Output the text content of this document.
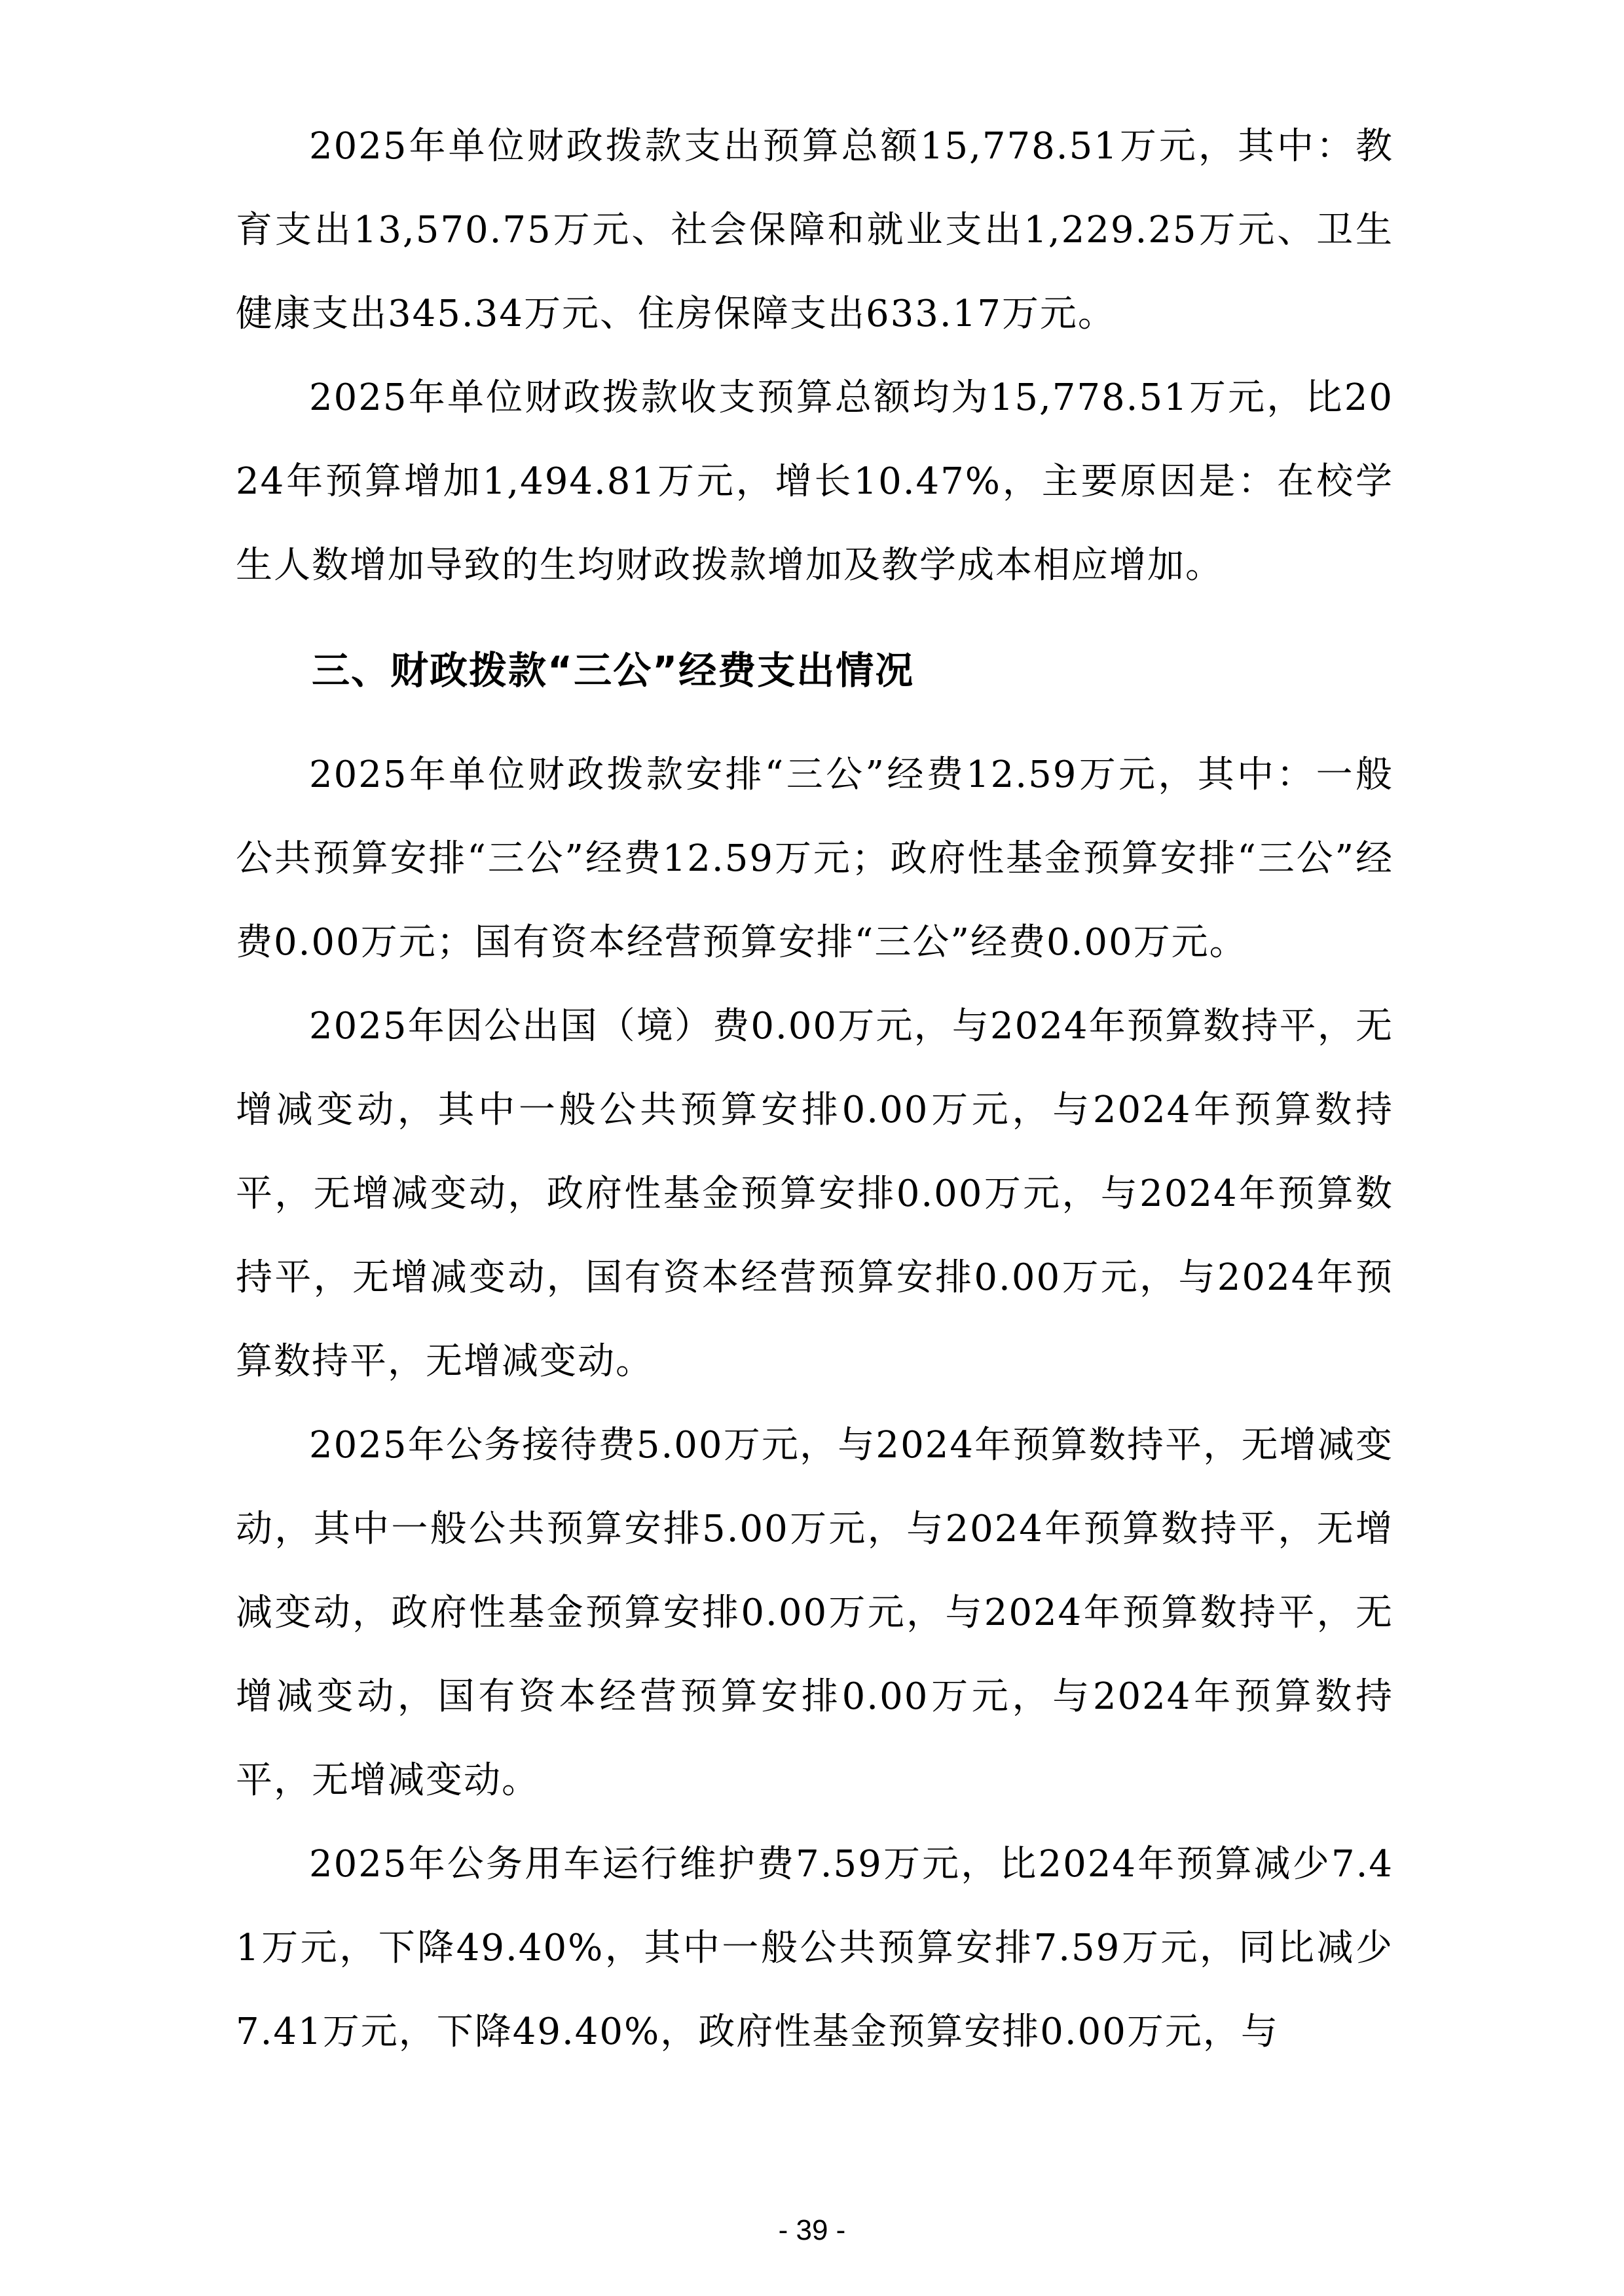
2025年单位财政拨款支出预算总额15,778.51万元，其中：教育支出13,570.75万元、社会保障和就业支出1,229.25万元、卫生健康支出345.34万元、住房保障支出633.17万元。

2025年单位财政拨款收支预算总额均为15,778.51万元，比2024年预算增加1,494.81万元，增长10.47%，主要原因是：在校学生人数增加导致的生均财政拨款增加及教学成本相应增加。

三、财政拨款“三公”经费支出情况

2025年单位财政拨款安排“三公”经费12.59万元，其中：一般公共预算安排“三公”经费12.59万元；政府性基金预算安排“三公”经费0.00万元；国有资本经营预算安排“三公”经费0.00万元。

2025年因公出国（境）费0.00万元，与2024年预算数持平，无增减变动，其中一般公共预算安排0.00万元，与2024年预算数持平，无增减变动，政府性基金预算安排0.00万元，与2024年预算数持平，无增减变动，国有资本经营预算安排0.00万元，与2024年预算数持平，无增减变动。

2025年公务接待费5.00万元，与2024年预算数持平，无增减变动，其中一般公共预算安排5.00万元，与2024年预算数持平，无增减变动，政府性基金预算安排0.00万元，与2024年预算数持平，无增减变动，国有资本经营预算安排0.00万元，与2024年预算数持平，无增减变动。

2025年公务用车运行维护费7.59万元，比2024年预算减少7.41万元，下降49.40%，其中一般公共预算安排7.59万元，同比减少7.41万元，下降49.40%，政府性基金预算安排0.00万元，与

- 39 -
